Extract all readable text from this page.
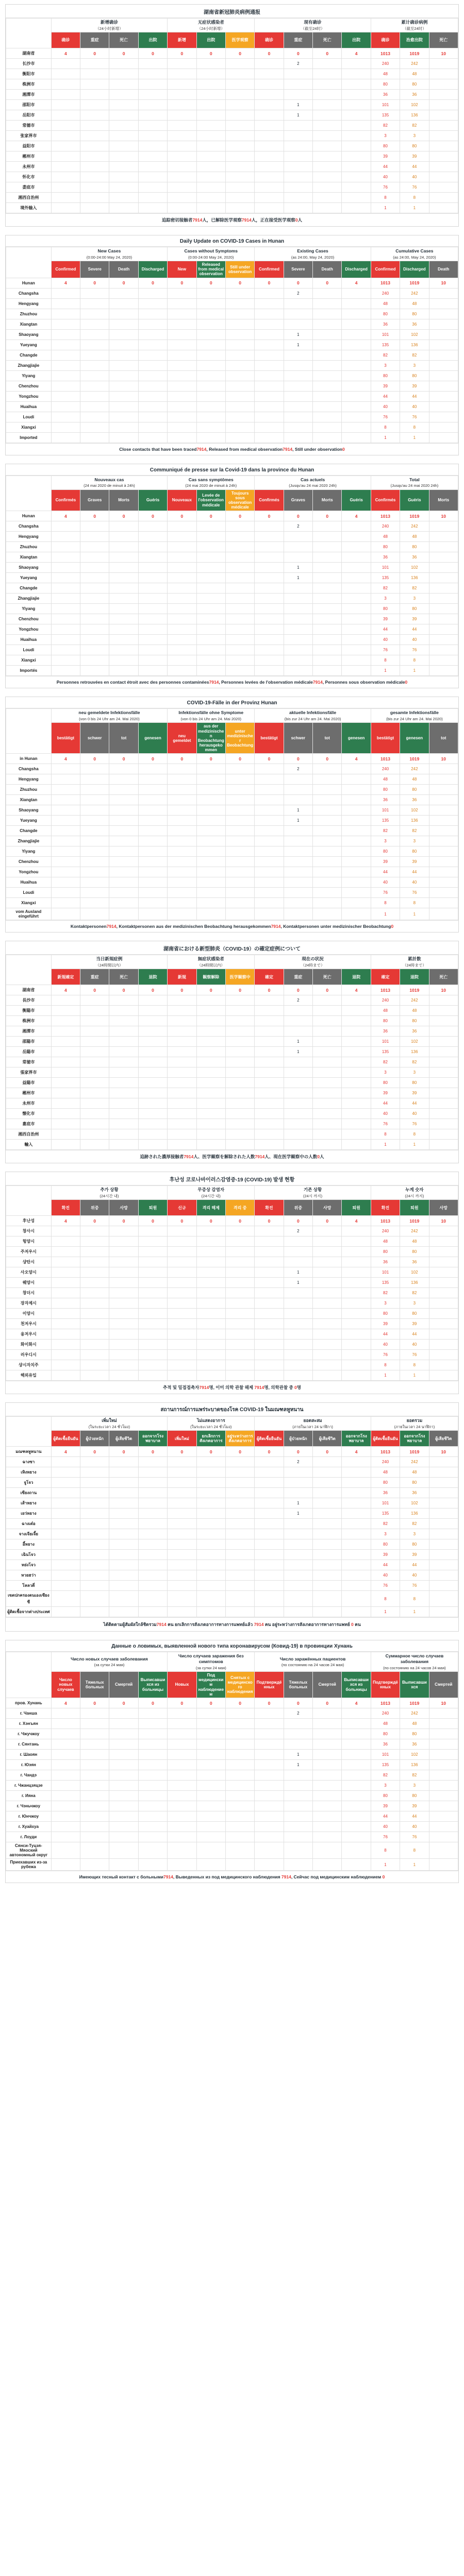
湖南省新冠肺炎病例通报
	新增确诊
（24小时新增）				无症状感染者
（24小时新增）			现有确诊
（截至24时）				累计确诊病例
（截至24时）		

	确诊	重症	死亡	出院	新增	出院	医学观察	确诊	重症	死亡	出院	确诊	治愈出院	死亡
湖南省	4	0	0	0	0	0	0	0	0	0	4	1013	1019	10
长沙市									2			240	242	
衡阳市												48	48	
株洲市												80	80	
湘潭市												36	36	
邵阳市									1			101	102	
岳阳市									1			135	136	
常德市												82	82	
张家界市												3	3	
益阳市												80	80	
郴州市												39	39	
永州市												44	44	
怀化市												40	40	
娄底市												76	76	
湘西自治州												8	8	
境外输入												1	1	
追踪密切接触者7914人，已解除医学观察7914人，正在接受医学观察0人
Daily Update on COVID-19 Cases in Hunan
	New Cases
(0:00-24:00 May 24, 2020)				Cases without Symptoms
(0:00-24:00 May 24, 2020)			Existing Cases
(as 24:00, May 24, 2020)				Cumulative Cases
(as 24:00, May 24, 2020)		

	Confirmed	Severe	Death	Discharged	New	Released from medical observation	Still under observation	Confirmed	Severe	Death	Discharged	Confirmed	Discharged	Death
Hunan	4	0	0	0	0	0	0	0	0	0	4	1013	1019	10
Changsha									2			240	242	
Hengyang												48	48	
Zhuzhou												80	80	
Xiangtan												36	36	
Shaoyang									1			101	102	
Yueyang									1			135	136	
Changde												82	82	
Zhangjiajie												3	3	
Yiyang												80	80	
Chenzhou												39	39	
Yongzhou												44	44	
Huaihua												40	40	
Loudi												76	76	
Xiangxi												8	8	
Imported												1	1	
Close contacts that have been traced7914, Released from medical observation7914, Still under observation0
Communiqué de presse sur la Covid-19 dans la province du Hunan
	Nouveaux cas
(24 mai 2020 de minuit à 24h)				Cas sans symptômes
(24 mai 2020 de minuit à 24h)			Cas actuels
(Jusqu'au 24 mai 2020 24h)				Total
(Jusqu'au 24 mai 2020 24h)		

	Confirmés	Graves	Morts	Guéris	Nouveaux	Levée de l'observation médicale	Toujours sous observation médicale	Confirmés	Graves	Morts	Guéris	Confirmés	Guéris	Morts
Hunan	4	0	0	0	0	0	0	0	0	0	4	1013	1019	10
Changsha									2			240	242	
Hengyang												48	48	
Zhuzhou												80	80	
Xiangtan												36	36	
Shaoyang									1			101	102	
Yueyang									1			135	136	
Changde												82	82	
Zhangjiajie												3	3	
Yiyang												80	80	
Chenzhou												39	39	
Yongzhou												44	44	
Huaihua												40	40	
Loudi												76	76	
Xiangxi												8	8	
Importés												1	1	
Personnes retrouvées en contact étroit avec des personnes contaminées7914, Personnes levées de l'observation médicale7914, Personnes sous observation médicale0
COVID-19-Fälle in der Provinz Hunan
	neu gemeldete Infektionsfälle
(von 0 bis 24 Uhr am 24. Mai 2020)				Infektionsfälle ohne Symptome
(von 0 bis 24 Uhr am 24. Mai 2020)			aktuelle Infektionsfälle
(bis zur 24 Uhr am 24. Mai 2020)				gesamte Infektionsfälle
(bis zur 24 Uhr am 24. Mai 2020)		

	bestätigt	schwer	tot	genesen	neu gemeldet	aus der medizinischen Beobachtung herausgekommen	unter medizinischer Beobachtung	bestätigt	schwer	tot	genesen	bestätigt	genesen	tot
in Hunan	4	0	0	0	0	0	0	0	0	0	4	1013	1019	10
Changsha									2			240	242	
Hengyang												48	48	
Zhuzhou												80	80	
Xiangtan												36	36	
Shaoyang									1			101	102	
Yueyang									1			135	136	
Changde												82	82	
Zhangjiajie												3	3	
Yiyang												80	80	
Chenzhou												39	39	
Yongzhou												44	44	
Huaihua												40	40	
Loudi												76	76	
Xiangxi												8	8	
vom Ausland eingeführt												1	1	
Kontaktpersonen7914, Kontaktpersonen aus der medizinischen Beobachtung herausgekommen7914, Kontaktpersonen unter medizinischer Beobachtung0
湖南省における新型肺炎（COVID-19）の確定症例について
	当日新規症例
（24時間以内）				無症状感染者
（24時間以内）			現在の状況
（24時まで）				累計数
（24時まで）		

	新規確定	重症	死亡	退院	新規	観察解除	医学観察中	確定	重症	死亡	退院	確定	退院	死亡
湖南省	4	0	0	0	0	0	0	0	0	0	4	1013	1019	10
長沙市									2			240	242	
衡陽市												48	48	
株洲市												80	80	
湘潭市												36	36	
邵陽市									1			101	102	
岳陽市									1			135	136	
常徳市												82	82	
張家界市												3	3	
益陽市												80	80	
郴州市												39	39	
永州市												44	44	
懐化市												40	40	
婁底市												76	76	
湘西自治州												8	8	
輸入												1	1	
追跡された濃厚接触者7914人、医学観察を解除された人数7914人、現在医学観察中の人数0人
후난성 코로나바이러스감염증-19 (COVID-19) 발생 현황
	추가 상황
(24시간 내)				무증상 감염자
(24시간 내)			기존 상황
(24시 까지)				누계 숫자
(24시 까지)		

	확진	위중	사망	퇴원	신규	격리 해제	격리 중	확진	위중	사망	퇴원	확진	퇴원	사망
후난성	4	0	0	0	0	0	0	0	0	0	4	1013	1019	10
창사시									2			240	242	
헝양시												48	48	
주저우시												80	80	
샹탄시												36	36	
사오양시									1			101	102	
웨양시									1			135	136	
창더시												82	82	
장자제시												3	3	
이양시												80	80	
천저우시												39	39	
융저우시												44	44	
화이화시												40	40	
러우디시												76	76	
샹시자치주												8	8	
해외유입												1	1	
추적 및 밀접접촉자7914명, 이미 의학 관찰 해제 7914명, 의학관찰 중 0명
สถานการณ์การแพร่ระบาดของโรค COVID-19 ในมณฑลหูหนาน
	เพิ่มใหม่
(ในระยะเวลา 24 ชั่วโมง)				ไม่แสดงอาการ
(ในระยะเวลา 24 ชั่วโมง)			ยอดสะสม
(ภายในเวลา 24 นาฬิกา)				ยอดรวม
(ภายในเวลา 24 นาฬิกา)		

	ผู้ติดเชื้อยืนยัน	ผู้ป่วยหนัก	ผู้เสียชีวิต	ออกจากโรงพยาบาล	เพิ่มใหม่	ยกเลิกการสังเกตอาการ	อยู่ระหว่างการสังเกตอาการ	ผู้ติดเชื้อยืนยัน	ผู้ป่วยหนัก	ผู้เสียชีวิต	ออกจากโรงพยาบาล	ผู้ติดเชื้อยืนยัน	ออกจากโรงพยาบาล	ผู้เสียชีวิต
มณฑลหูหนาน	4	0	0	0	0	0	0	0	0	0	4	1013	1019	10
ฉางซา									2			240	242	
เหิงหยาง												48	48	
จูโจว												80	80	
เซียงถาน												36	36	
เส้าหยาง									1			101	102	
เยว่หยาง									1			135	136	
ฉางเต๋อ												82	82	
จางเจียเจี้ย												3	3	
อี้หยาง												80	80	
เฉินโจว												39	39	
หย่งโจว												44	44	
หวยฮว่า												40	40	
โหลวตี่												76	76	
เขตปกครองตนเองเซียงซี												8	8	
ผู้ติดเชื้อจากต่างประเทศ												1	1	
ได้ติดตามผู้สัมผัสใกล้ชิดรวม7914 คน ยกเลิกการสังเกตอาการทางการแพทย์แล้ว 7914 คน อยู่ระหว่างการสังเกตอาการทางการแพทย์ 0 คน
Данные о ловимых, выявленной нового типа коронавирусом (Ковид-19) в провинции Хунань
	Число новых случаев заболевания
(за сутки 24 мая)				Число случаев заражения без симптомов
(за сутки 24 мая)			Число заражённых пациентов
(по состоянию на 24 часов 24 мая)				Суммарное число случаев заболевания
(по состоянию на 24 часов 24 мая)		

	Число новых случаев	Тяжелых больных	Смертей	Выписавшихся из больницы	Новых	Под медицинским наблюдением	Снятых с медицинского наблюдения	Подтверждённых	Тяжелых больных	Смертей	Выписавшихся из больницы	Подтверждённых	Выписавшихся	Смертей
пров. Хунань	4	0	0	0	0	0	0	0	0	0	4	1013	1019	10
г. Чанша									2			240	242	
г. Хэнъян												48	48	
г. Чжучжоу												80	80	
г. Сянтань												36	36	
г. Шаоян									1			101	102	
г. Юэян									1			135	136	
г. Чандэ												82	82	
г. Чжанцзяцзе												3	3	
г. Ияна												80	80	
г. Чэньчжоу												39	39	
г. Юнчжоу												44	44	
г. Хуайхуа												40	40	
г. Лоуди												76	76	
Сянси-Туцзя-Мяоский автономный округ												8	8	
Приехавших из-за рубежа												1	1	
Имеющих тесный контакт с больными7914, Выведенных из под медицинского наблюдения 7914, Сейчас под медицинским наблюдением 0
